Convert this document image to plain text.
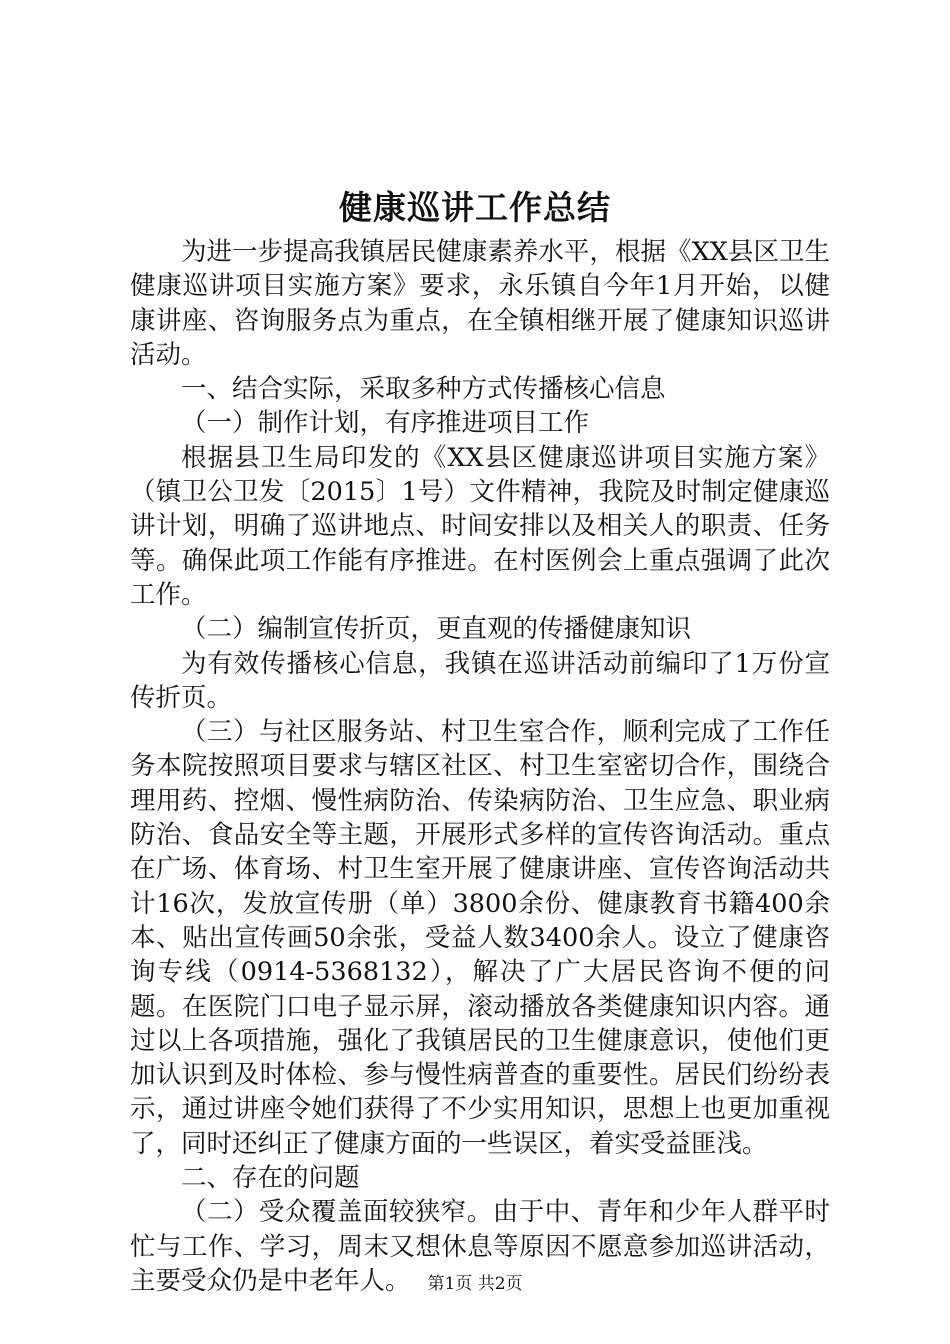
健康巡讲工作总结

为进一步提高我镇居民健康素养水平，根据《XX县区卫生健康巡讲项目实施方案》要求，永乐镇自今年1月开始，以健康讲座、咨询服务点为重点，在全镇相继开展了健康知识巡讲活动。

一、结合实际，采取多种方式传播核心信息

（一）制作计划，有序推进项目工作

根据县卫生局印发的《XX县区健康巡讲项目实施方案》（镇卫公卫发〔2015〕1号）文件精神，我院及时制定健康巡讲计划，明确了巡讲地点、时间安排以及相关人的职责、任务等。确保此项工作能有序推进。在村医例会上重点强调了此次工作。

（二）编制宣传折页，更直观的传播健康知识

为有效传播核心信息，我镇在巡讲活动前编印了1万份宣传折页。

（三）与社区服务站、村卫生室合作，顺利完成了工作任务本院按照项目要求与辖区社区、村卫生室密切合作，围绕合理用药、控烟、慢性病防治、传染病防治、卫生应急、职业病防治、食品安全等主题，开展形式多样的宣传咨询活动。重点在广场、体育场、村卫生室开展了健康讲座、宣传咨询活动共计16次，发放宣传册（单）3800余份、健康教育书籍400余本、贴出宣传画50余张，受益人数3400余人。设立了健康咨询专线（0914-5368132），解决了广大居民咨询不便的问题。在医院门口电子显示屏，滚动播放各类健康知识内容。通过以上各项措施，强化了我镇居民的卫生健康意识，使他们更加认识到及时体检、参与慢性病普查的重要性。居民们纷纷表示，通过讲座令她们获得了不少实用知识，思想上也更加重视了，同时还纠正了健康方面的一些误区，着实受益匪浅。

二、存在的问题

（二）受众覆盖面较狭窄。由于中、青年和少年人群平时忙与工作、学习，周末又想休息等原因不愿意参加巡讲活动，主要受众仍是中老年人。 第1页 共2页
